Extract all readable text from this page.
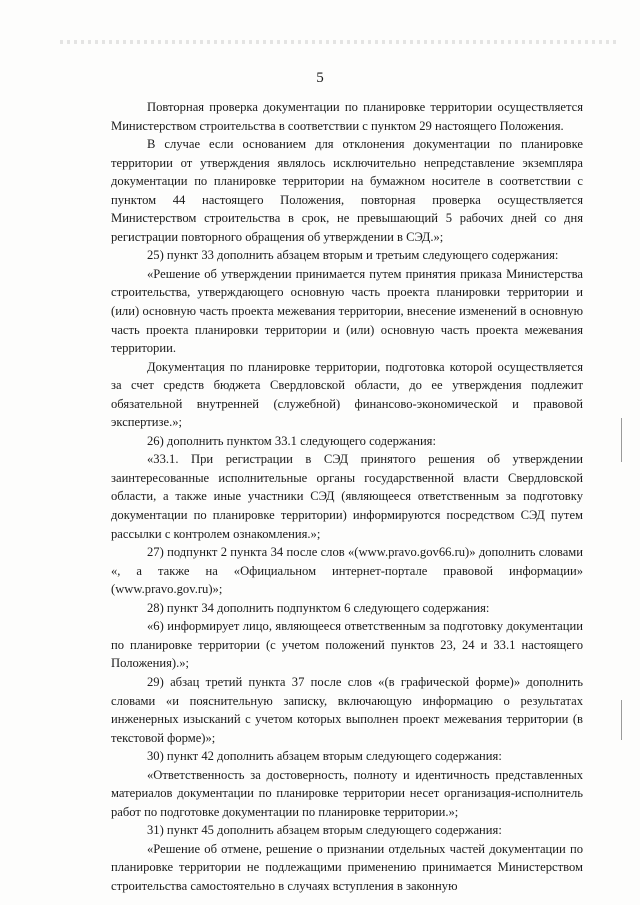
5

Повторная проверка документации по планировке территории осуществляется Министерством строительства в соответствии с пунктом 29 настоящего Положения.

В случае если основанием для отклонения документации по планировке территории от утверждения являлось исключительно непредставление экземпляра документации по планировке территории на бумажном носителе в соответствии с пунктом 44 настоящего Положения, повторная проверка осуществляется Министерством строительства в срок, не превышающий 5 рабочих дней со дня регистрации повторного обращения об утверждении в СЭД.»;

25) пункт 33 дополнить абзацем вторым и третьим следующего содержания:

«Решение об утверждении принимается путем принятия приказа Министерства строительства, утверждающего основную часть проекта планировки территории и (или) основную часть проекта межевания территории, внесение изменений в основную часть проекта планировки территории и (или) основную часть проекта межевания территории.

Документация по планировке территории, подготовка которой осуществляется за счет средств бюджета Свердловской области, до ее утверждения подлежит обязательной внутренней (служебной) финансово-экономической и правовой экспертизе.»;

26) дополнить пунктом 33.1 следующего содержания:

«33.1. При регистрации в СЭД принятого решения об утверждении заинтересованные исполнительные органы государственной власти Свердловской области, а также иные участники СЭД (являющееся ответственным за подготовку документации по планировке территории) информируются посредством СЭД путем рассылки с контролем ознакомления.»;

27) подпункт 2 пункта 34 после слов «(www.pravo.gov66.ru)» дополнить словами «, а также на «Официальном интернет-портале правовой информации» (www.pravo.gov.ru)»;

28) пункт 34 дополнить подпунктом 6 следующего содержания:

«6) информирует лицо, являющееся ответственным за подготовку документации по планировке территории (с учетом положений пунктов 23, 24 и 33.1 настоящего Положения).»;

29) абзац третий пункта 37 после слов «(в графической форме)» дополнить словами «и пояснительную записку, включающую информацию о результатах инженерных изысканий с учетом которых выполнен проект межевания территории (в текстовой форме)»;

30) пункт 42 дополнить абзацем вторым следующего содержания:

«Ответственность за достоверность, полноту и идентичность представленных материалов документации по планировке территории несет организация-исполнитель работ по подготовке документации по планировке территории.»;

31) пункт 45 дополнить абзацем вторым следующего содержания:

«Решение об отмене, решение о признании отдельных частей документации по планировке территории не подлежащими применению принимается Министерством строительства самостоятельно в случаях вступления в законную
